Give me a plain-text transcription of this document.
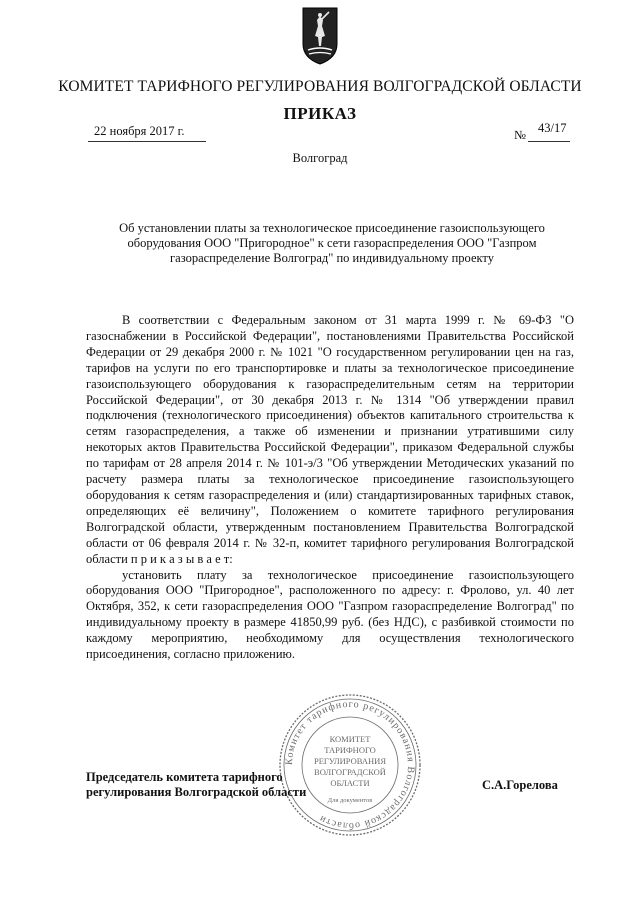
КОМИТЕТ ТАРИФНОГО РЕГУЛИРОВАНИЯ ВОЛГОГРАДСКОЙ ОБЛАСТИ
ПРИКАЗ
22 ноября 2017 г.	№ 43/17
Волгоград
Об установлении платы за технологическое присоединение газоиспользующего оборудования ООО "Пригородное" к сети газораспределения ООО "Газпром газораспределение Волгоград" по индивидуальному проекту

В соответствии с Федеральным законом от 31 марта 1999 г. № 69-ФЗ "О газоснабжении в Российской Федерации", постановлениями Правительства Российской Федерации от 29 декабря 2000 г. № 1021 "О государственном регулировании цен на газ, тарифов на услуги по его транспортировке и платы за технологическое присоединение газоиспользующего оборудования к газораспределительным сетям на территории Российской Федерации", от 30 декабря 2013 г. № 1314 "Об утверждении правил подключения (технологического присоединения) объектов капитального строительства к сетям газораспределения, а также об изменении и признании утратившими силу некоторых актов Правительства Российской Федерации", приказом Федеральной службы по тарифам от 28 апреля 2014 г. № 101-э/3 "Об утверждении Методических указаний по расчету размера платы за технологическое присоединение газоиспользующего оборудования к сетям газораспределения и (или) стандартизированных тарифных ставок, определяющих её величину", Положением о комитете тарифного регулирования Волгоградской области, утвержденным постановлением Правительства Волгоградской области от 06 февраля 2014 г. № 32-п, комитет тарифного регулирования Волгоградской области п р и к а з ы в а е т:

установить плату за технологическое присоединение газоиспользующего оборудования ООО "Пригородное", расположенного по адресу: г. Фролово, ул. 40 лет Октября, 352, к сети газораспределения ООО "Газпром газораспределение Волгоград" по индивидуальному проекту в размере 41850,99 руб. (без НДС), с разбивкой стоимости по каждому мероприятию, необходимому для осуществления технологического присоединения, согласно приложению.

Комитет тарифного регулирования Волгоградской области
КОМИТЕТ
ТАРИФНОГО
РЕГУЛИРОВАНИЯ
ВОЛГОГРАДСКОЙ
ОБЛАСТИ
Для документов
Председатель комитета тарифного
регулирования Волгоградской области	С.А.Горелова
